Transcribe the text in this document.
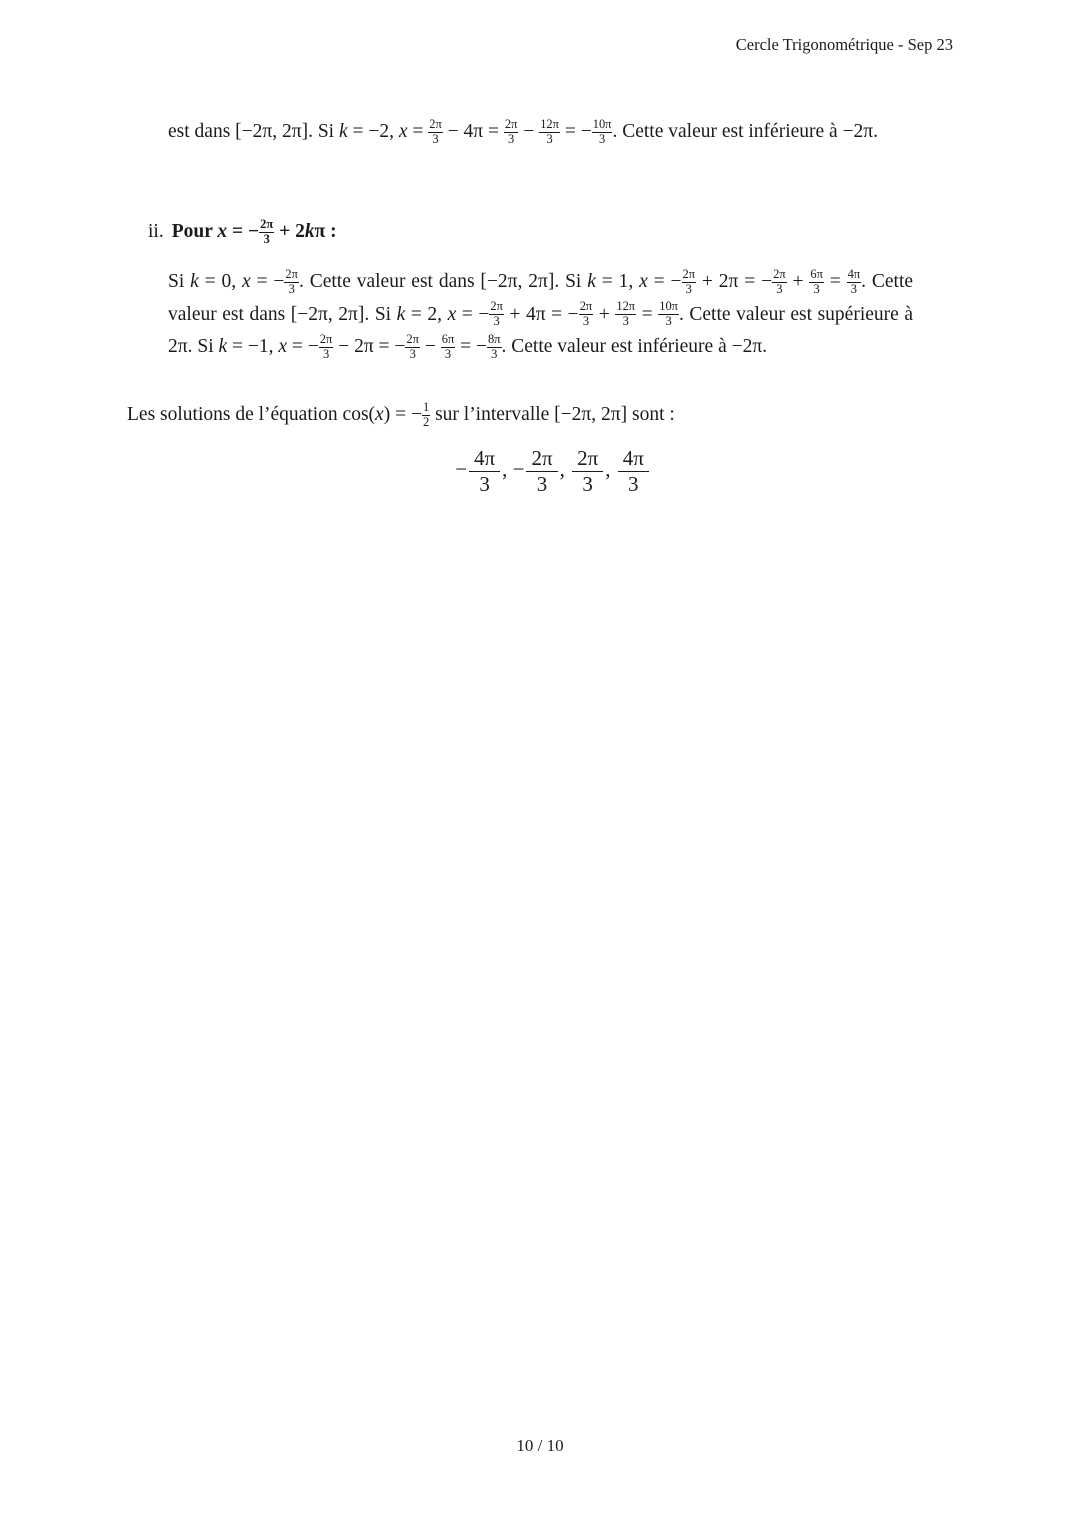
Cercle Trigonométrique - Sep 23

est dans [−2π, 2π]. Si k = −2, $x = \frac{2\pi}{3} - 4\pi = \frac{2\pi}{3} - \frac{12\pi}{3}$ = − $\frac{10\pi}{3}$ . Cette valeur est inférieure à −2π.

ii. Pour x = − $\frac{2\pi}{3} + 2k\pi$ :

Si k = 0, x = − $\frac{2\pi}{3}$ . Cette valeur est dans [−2π, 2π]. Si k = 1, x = − $\frac{2\pi}{3} + 2\pi$ = − $\frac{2\pi}{3} + \frac{6\pi}{3} = \frac{4\pi}{3}$ . Cette valeur est dans [−2π, 2π]. Si k = 2, x = − $\frac{2\pi}{3} + 4\pi$ = − $\frac{2\pi}{3} + \frac{12\pi}{3} = \frac{10\pi}{3}$ . Cette valeur est supérieure à 2π. Si k = −1, x = − $\frac{2\pi}{3} - 2\pi$ = − $\frac{2\pi}{3} - \frac{6\pi}{3}$ = − $\frac{8\pi}{3}$ . Cette valeur est inférieure à −2π.

Les solutions de l’équation cos(x) = − $\frac{1}{2}$ sur l’intervalle [−2π, 2π] sont :

− $\frac{4\pi}{3}$ , − $\frac{2\pi}{3}$ , $\frac{2\pi}{3}$ , $\frac{4\pi}{3}$
10 / 10
